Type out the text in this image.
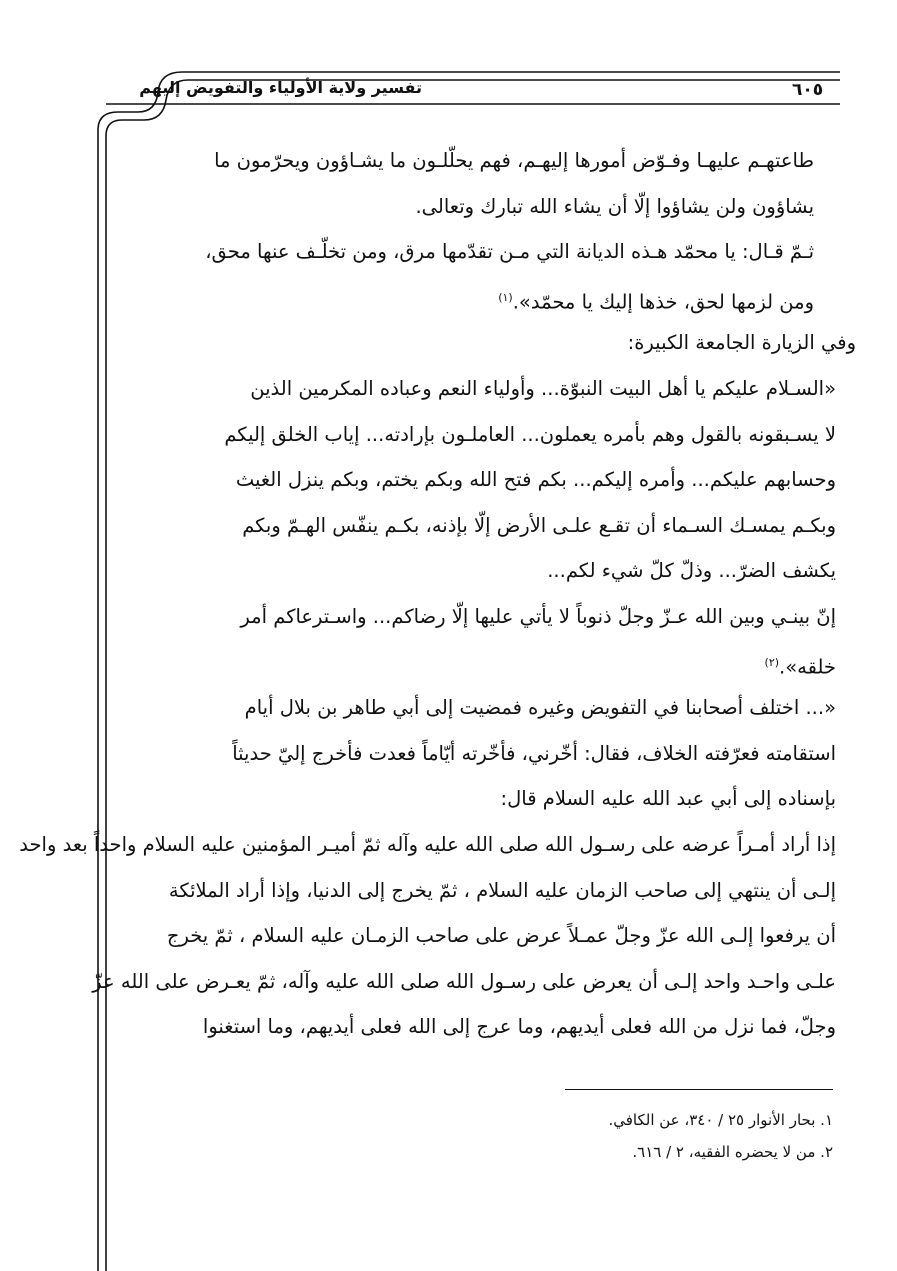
تفسير ولاية الأولياء والتفويض إليهم	٦٠٥
طاعتهـم عليهـا وفـوّض أمورها إليهـم، فهم يحلّلـون ما يشـاؤون ويحرّمون ما
يشاؤون ولن يشاؤوا إلّا أن يشاء الله تبارك وتعالى.
ثـمّ قـال: يا محمّد هـذه الديانة التي مـن تقدّمها مرق، ومن تخلّـف عنها محق،
ومن لزمها لحق، خذها إليك يا محمّد».$^{(١)}$
وفي الزيارة الجامعة الكبيرة:
«السـلام عليكم يا أهل البيت النبوّة... وأولياء النعم وعباده المكرمين الذين
لا يسـبقونه بالقول وهم بأمره يعملون... العاملـون بإرادته... إياب الخلق إليكم
وحسابهم عليكم... وأمره إليكم... بكم فتح الله وبكم يختم، وبكم ينزل الغيث
وبكـم يمسـك السـماء أن تقـع علـى الأرض إلّا بإذنه، بكـم ينفّس الهـمّ وبكم
يكشف الضرّ... وذلّ كلّ شيء لكم...
إنّ بينـي وبين الله عـزّ وجلّ ذنوباً لا يأتي عليها إلّا رضاكم... واسـترعاكم أمر
خلقه».$^{(٢)}$
«... اختلف أصحابنا في التفويض وغيره فمضيت إلى أبي طاهر بن بلال أيام
استقامته فعرّفته الخلاف، فقال: أخّرني، فأخّرته أيّاماً فعدت فأخرج إليّ حديثاً
بإسناده إلى أبي عبد الله عليه السلام قال:
إذا أراد أمـراً عرضه على رسـول الله صلى الله عليه وآله ثمّ أميـر المؤمنين عليه السلام واحداً بعد واحد
إلـى أن ينتهي إلى صاحب الزمان عليه السلام ، ثمّ يخرج إلى الدنيا، وإذا أراد الملائكة
أن يرفعوا إلـى الله عزّ وجلّ عمـلاً عرض على صاحب الزمـان عليه السلام ، ثمّ يخرج
علـى واحـد واحد إلـى أن يعرض على رسـول الله صلى الله عليه وآله، ثمّ يعـرض على الله عزّ
وجلّ، فما نزل من الله فعلى أيديهم، وما عرج إلى الله فعلى أيديهم، وما استغنوا
١. بحار الأنوار ٢٥ / ٣٤٠، عن الكافي.
٢. من لا يحضره الفقيه، ٢ / ٦١٦.
